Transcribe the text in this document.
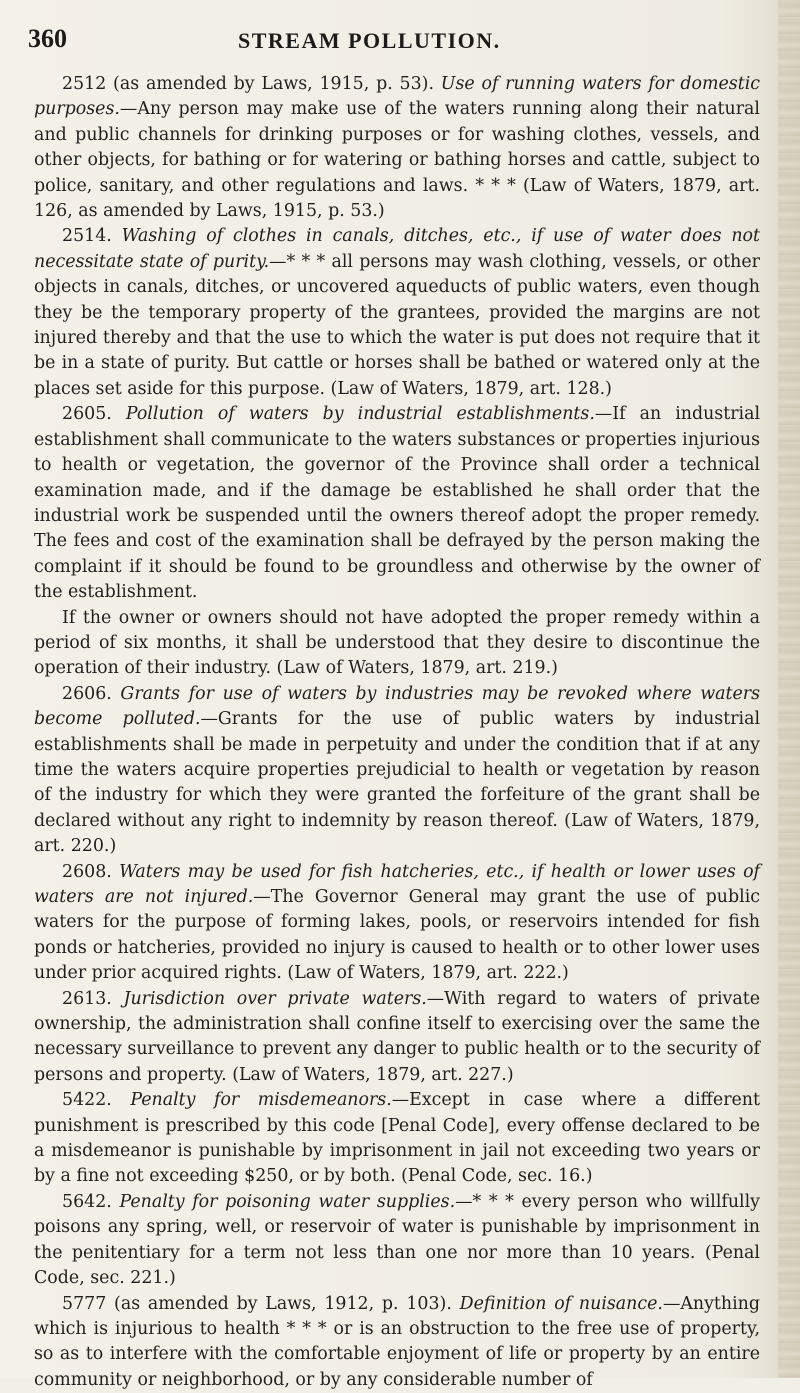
360	STREAM POLLUTION.

2512 (as amended by Laws, 1915, p. 53). Use of running waters for domestic purposes.—Any person may make use of the waters running along their natural and public channels for drinking purposes or for washing clothes, vessels, and other objects, for bathing or for watering or bathing horses and cattle, subject to police, sanitary, and other regulations and laws. * * * (Law of Waters, 1879, art. 126, as amended by Laws, 1915, p. 53.)

2514. Washing of clothes in canals, ditches, etc., if use of water does not necessitate state of purity.—* * * all persons may wash clothing, vessels, or other objects in canals, ditches, or uncovered aqueducts of public waters, even though they be the temporary property of the grantees, provided the margins are not injured thereby and that the use to which the water is put does not require that it be in a state of purity. But cattle or horses shall be bathed or watered only at the places set aside for this purpose. (Law of Waters, 1879, art. 128.)

2605. Pollution of waters by industrial establishments.—If an industrial establishment shall communicate to the waters substances or properties injurious to health or vegetation, the governor of the Province shall order a technical examination made, and if the damage be established he shall order that the industrial work be suspended until the owners thereof adopt the proper remedy. The fees and cost of the examination shall be defrayed by the person making the complaint if it should be found to be groundless and otherwise by the owner of the establishment.

If the owner or owners should not have adopted the proper remedy within a period of six months, it shall be understood that they desire to discontinue the operation of their industry. (Law of Waters, 1879, art. 219.)

2606. Grants for use of waters by industries may be revoked where waters become polluted.—Grants for the use of public waters by industrial establishments shall be made in perpetuity and under the condition that if at any time the waters acquire properties prejudicial to health or vegetation by reason of the industry for which they were granted the forfeiture of the grant shall be declared without any right to indemnity by reason thereof. (Law of Waters, 1879, art. 220.)

2608. Waters may be used for fish hatcheries, etc., if health or lower uses of waters are not injured.—The Governor General may grant the use of public waters for the purpose of forming lakes, pools, or reservoirs intended for fish ponds or hatcheries, provided no injury is caused to health or to other lower uses under prior acquired rights. (Law of Waters, 1879, art. 222.)

2613. Jurisdiction over private waters.—With regard to waters of private ownership, the administration shall confine itself to exercising over the same the necessary surveillance to prevent any danger to public health or to the security of persons and property. (Law of Waters, 1879, art. 227.)

5422. Penalty for misdemeanors.—Except in case where a different punishment is prescribed by this code [Penal Code], every offense declared to be a misdemeanor is punishable by imprisonment in jail not exceeding two years or by a fine not exceeding $250, or by both. (Penal Code, sec. 16.)

5642. Penalty for poisoning water supplies.—* * * every person who willfully poisons any spring, well, or reservoir of water is punishable by imprisonment in the penitentiary for a term not less than one nor more than 10 years. (Penal Code, sec. 221.)

5777 (as amended by Laws, 1912, p. 103). Definition of nuisance.—Anything which is injurious to health * * * or is an obstruction to the free use of property, so as to interfere with the comfortable enjoyment of life or property by an entire community or neighborhood, or by any considerable number of
